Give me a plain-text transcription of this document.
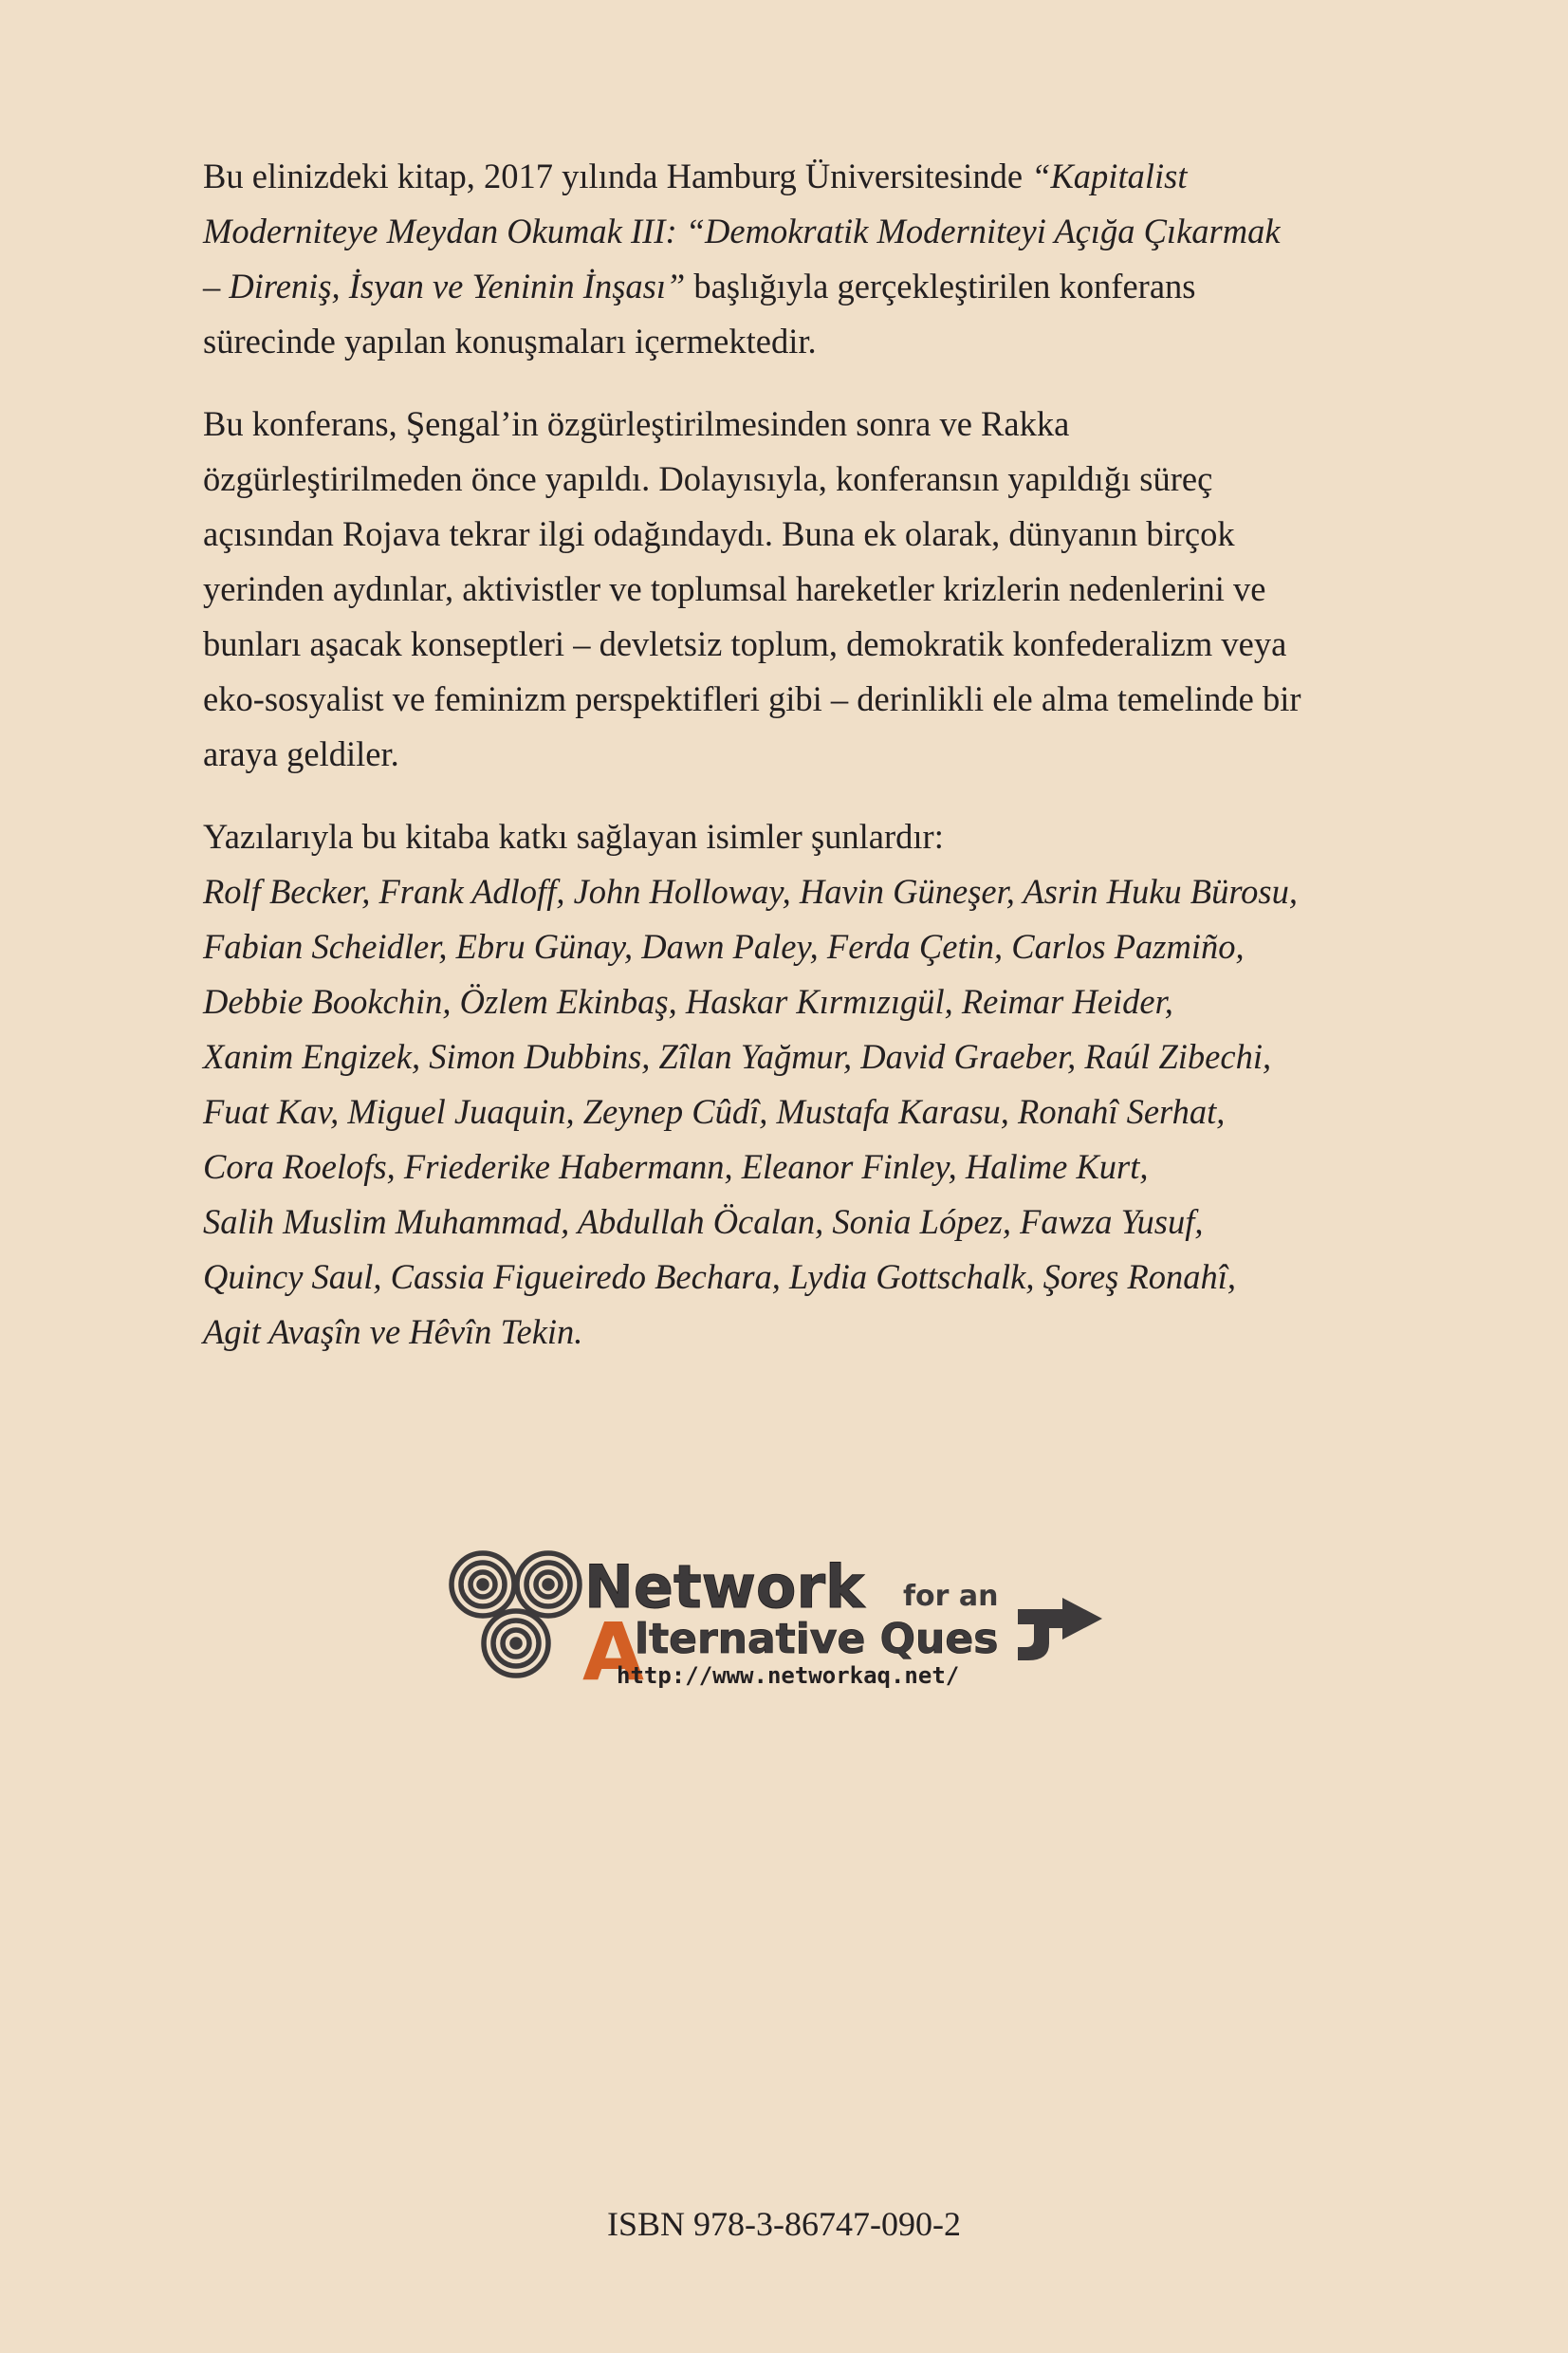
Bu elinizdeki kitap, 2017 yılında Hamburg Üniversitesinde “Kapitalist
Moderniteye Meydan Okumak III: “Demokratik Moderniteyi Açığa Çıkarmak
– Direniş, İsyan ve Yeninin İnşası” başlığıyla gerçekleştirilen konferans
sürecinde yapılan konuşmaları içermektedir.
Bu konferans, Şengal’in özgürleştirilmesinden sonra ve Rakka
özgürleştirilmeden önce yapıldı. Dolayısıyla, konferansın yapıldığı süreç
açısından Rojava tekrar ilgi odağındaydı. Buna ek olarak, dünyanın birçok
yerinden aydınlar, aktivistler ve toplumsal hareketler krizlerin nedenlerini ve
bunları aşacak konseptleri – devletsiz toplum, demokratik konfederalizm veya
eko-sosyalist ve feminizm perspektifleri gibi – derinlikli ele alma temelinde bir
araya geldiler.
Yazılarıyla bu kitaba katkı sağlayan isimler şunlardır:
Rolf Becker, Frank Adloff, John Holloway, Havin Güneşer, Asrin Huku Bürosu,
Fabian Scheidler, Ebru Günay, Dawn Paley, Ferda Çetin, Carlos Pazmiño,
Debbie Bookchin, Özlem Ekinbaş, Haskar Kırmızıgül, Reimar Heider,
Xanim Engizek, Simon Dubbins, Zîlan Yağmur, David Graeber, Raúl Zibechi,
Fuat Kav, Miguel Juaquin, Zeynep Cûdî, Mustafa Karasu, Ronahî Serhat,
Cora Roelofs, Friederike Habermann, Eleanor Finley, Halime Kurt,
Salih Muslim Muhammad, Abdullah Öcalan, Sonia López, Fawza Yusuf,
Quincy Saul, Cassia Figueiredo Bechara, Lydia Gottschalk, Şoreş Ronahî,
Agit Avaşîn ve Hêvîn Tekin.
Network for an
A
lternative Ques
http://www.networkaq.net/
ISBN 978-3-86747-090-2
